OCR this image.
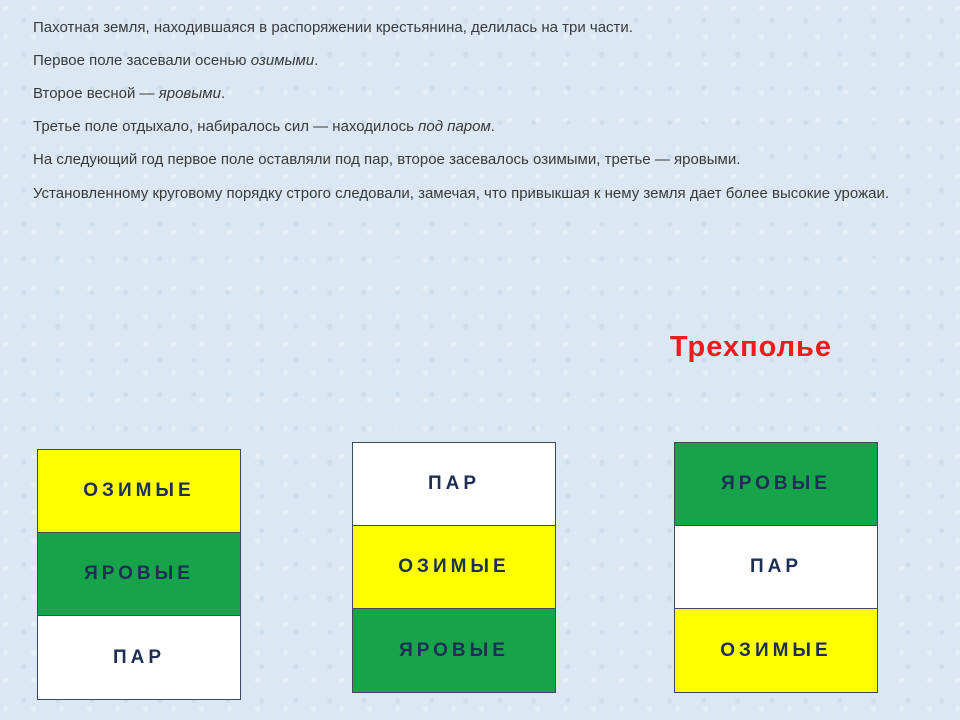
Пахотная земля, находившаяся в распоряжении крестьянина, делилась на три части.

Первое поле засевали осенью озимыми.

Второе весной — яровыми.

Третье поле отдыхало, набиралось сил — находилось под паром.

На следующий год первое поле оставляли под пар, второе засевалось озимыми, третье — яровыми.

Установленному круговому порядку строго следовали, замечая, что привыкшая к нему земля дает более высокие урожаи.

Трехполье
ОЗИМЫЕ
ЯРОВЫЕ
ПАР
ПАР
ОЗИМЫЕ
ЯРОВЫЕ
ЯРОВЫЕ
ПАР
ОЗИМЫЕ
